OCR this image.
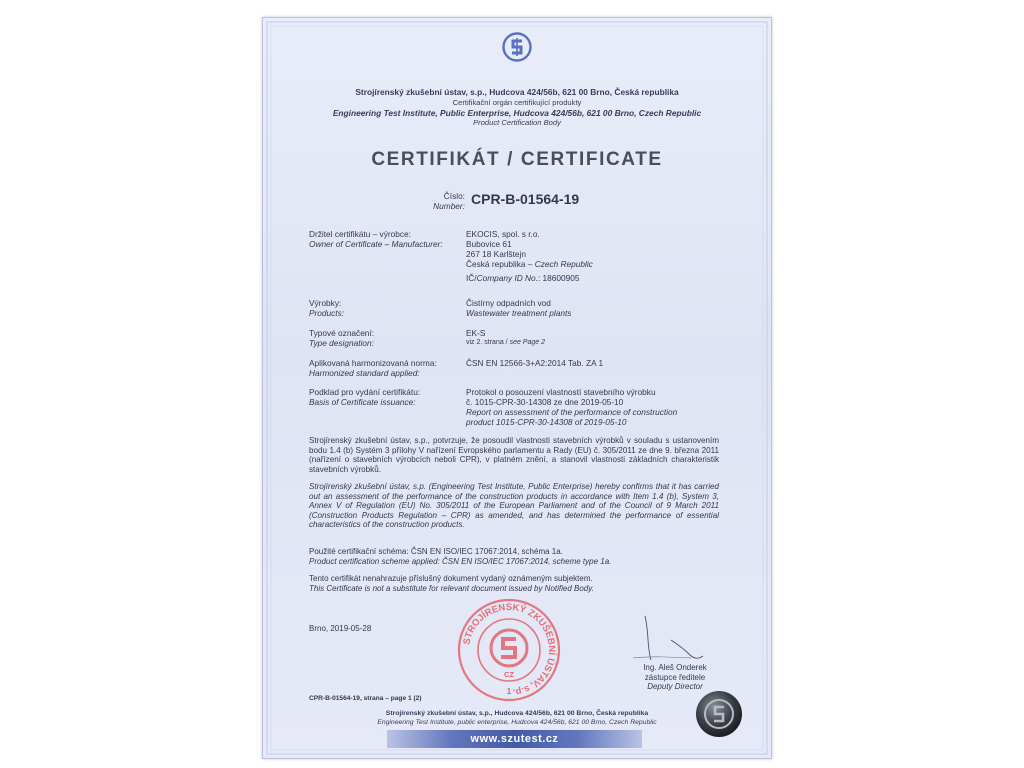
Strojírenský zkušební ústav, s.p., Hudcova 424/56b, 621 00 Brno, Česká republika
Certifikační orgán certifikující produkty
Engineering Test Institute, Public Enterprise, Hudcova 424/56b, 621 00 Brno, Czech Republic
Product Certification Body
CERTIFIKÁT / CERTIFICATE
Číslo:
Number: CPR-B-01564-19
Držitel certifikátu – výrobce:
Owner of Certificate – Manufacturer:
EKOCIS, spol. s r.o.
Bubovice 61
267 18 Karlštejn
Česká republika – Czech Republic
IČ/Company ID No.: 18600905
Výrobky:
Products:
Čistírny odpadních vod
Wastewater treatment plants
Typové označení:
Type designation:
EK-S
viz 2. strana / see Page 2
Aplikovaná harmonizovaná norma:
Harmonized standard applied:
ČSN EN 12566-3+A2:2014 Tab. ZA 1
Podklad pro vydání certifikátu:
Basis of Certificate issuance:
Protokol o posouzení vlastností stavebního výrobku
č. 1015-CPR-30-14308 ze dne 2019-05-10
Report on assessment of the performance of construction
product 1015-CPR-30-14308 of 2019-05-10
Strojírenský zkušební ústav, s.p., potvrzuje, že posoudil vlastnosti stavebních výrobků v souladu s ustanovením bodu 1.4 (b) Systém 3 přílohy V nařízení Evropského parlamentu a Rady (EU) č. 305/2011 ze dne 9. března 2011 (nařízení o stavebních výrobcích neboli CPR), v platném znění, a stanovil vlastnosti základních charakteristik stavebních výrobků.
Strojírenský zkušební ústav, s.p. (Engineering Test Institute, Public Enterprise) hereby confirms that it has carried out an assessment of the performance of the construction products in accordance with Item 1.4 (b), System 3, Annex V of Regulation (EU) No. 305/2011 of the European Parliament and of the Council of 9 March 2011 (Construction Products Regulation – CPR) as amended, and has determined the performance of essential characteristics of the construction products.
Použité certifikační schéma: ČSN EN ISO/IEC 17067:2014, schéma 1a.
Product certification scheme applied: ČSN EN ISO/IEC 17067:2014, scheme type 1a.
Tento certifikát nenahrazuje příslušný dokument vydaný oznámeným subjektem.
This Certificate is not a substitute for relevant document issued by Notified Body.
Brno, 2019-05-28
STROJÍRENSKÝ ZKUŠEBNÍ ÚSTAV, s.p.
CZ
1
Ing. Aleš Onderek
zástupce ředitele
Deputy Director
CPR-B-01564-19, strana – page 1 (2)
Strojírenský zkušební ústav, s.p., Hudcova 424/56b, 621 00 Brno, Česká republika
Engineering Test Institute, public enterprise, Hudcova 424/56b, 621 00 Brno, Czech Republic
www.szutest.cz
